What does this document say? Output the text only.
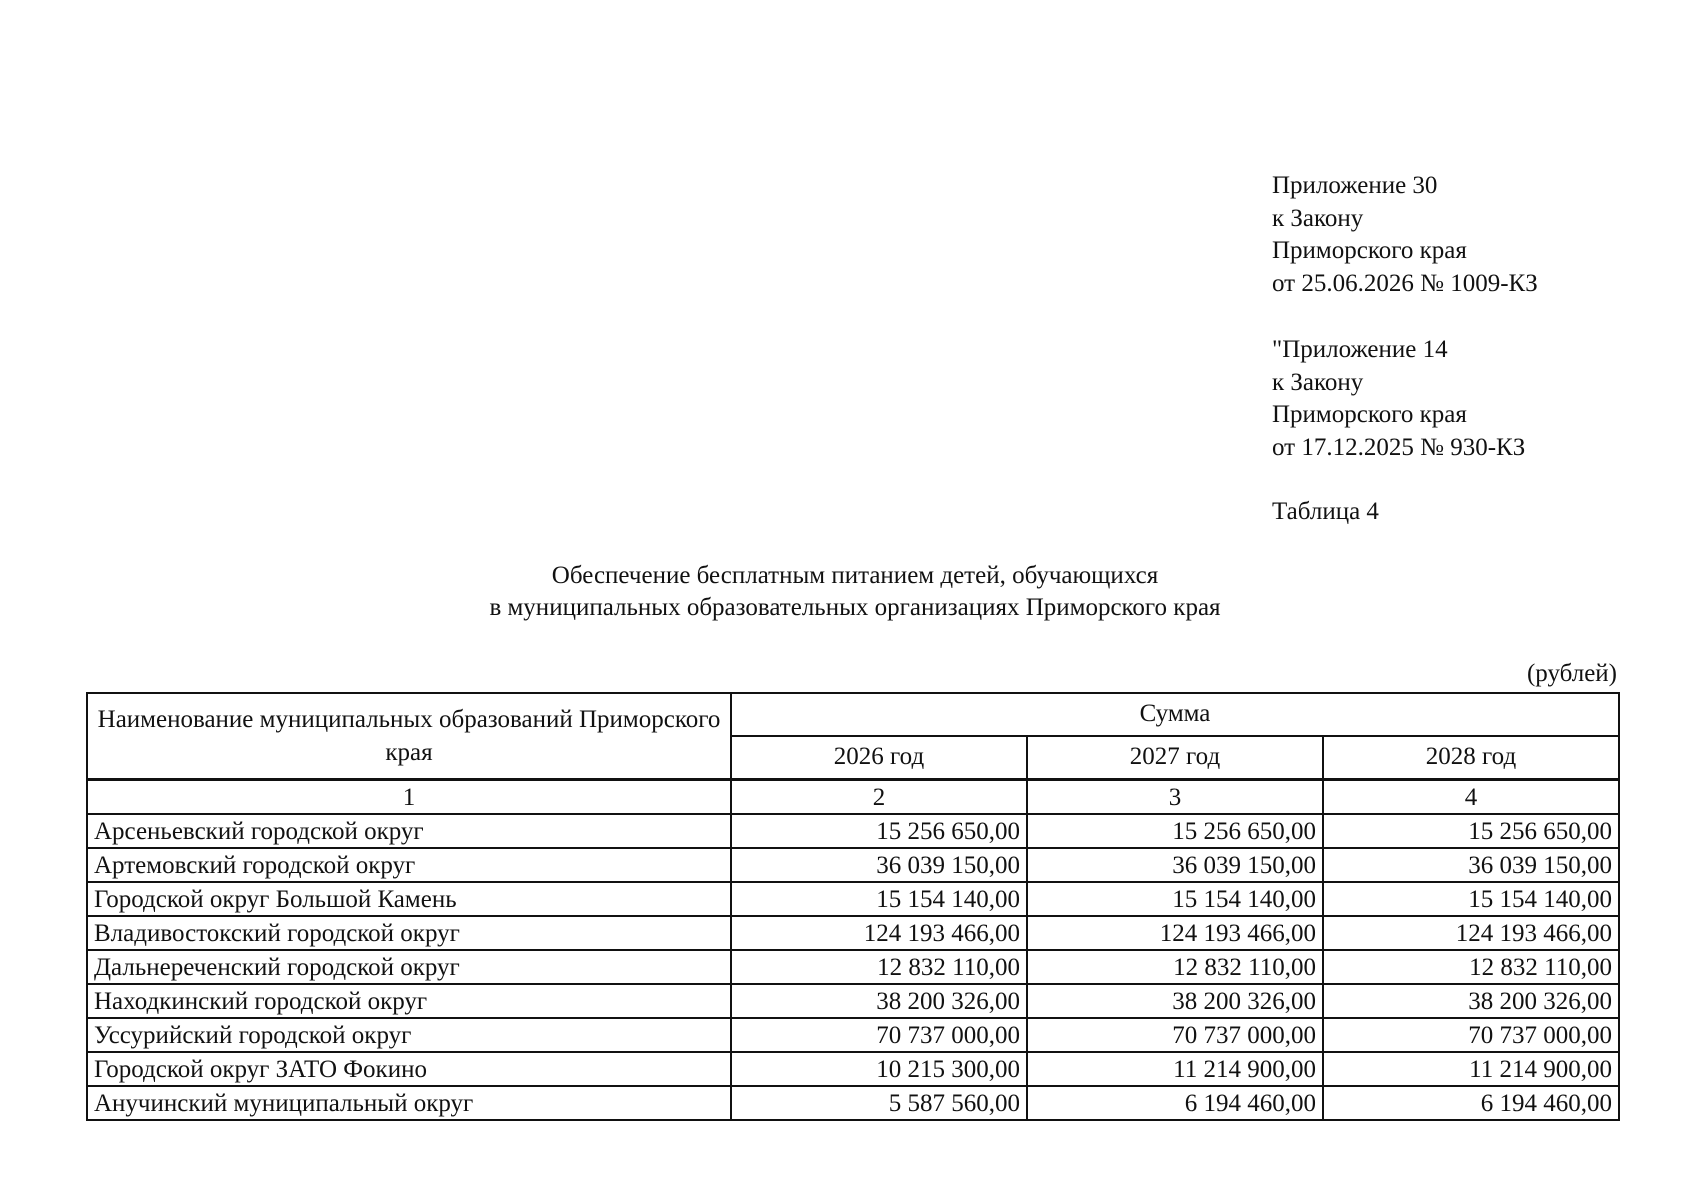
Приложение 30
к Закону
Приморского края
от 25.06.2026 № 1009-КЗ
"Приложение 14
к Закону
Приморского края
от 17.12.2025 № 930-КЗ
Таблица 4
Обеспечение бесплатным питанием детей, обучающихся
в муниципальных образовательных организациях Приморского края
(рублей)
Наименование муниципальных образований Приморского края	Сумма		
	2026 год	2027 год	2028 год
1	2	3	4
Арсеньевский городской округ	15 256 650,00	15 256 650,00	15 256 650,00
Артемовский городской округ	36 039 150,00	36 039 150,00	36 039 150,00
Городской округ Большой Камень	15 154 140,00	15 154 140,00	15 154 140,00
Владивостокский городской округ	124 193 466,00	124 193 466,00	124 193 466,00
Дальнереченский городской округ	12 832 110,00	12 832 110,00	12 832 110,00
Находкинский городской округ	38 200 326,00	38 200 326,00	38 200 326,00
Уссурийский городской округ	70 737 000,00	70 737 000,00	70 737 000,00
Городской округ ЗАТО Фокино	10 215 300,00	11 214 900,00	11 214 900,00
Анучинский муниципальный округ	5 587 560,00	6 194 460,00	6 194 460,00
